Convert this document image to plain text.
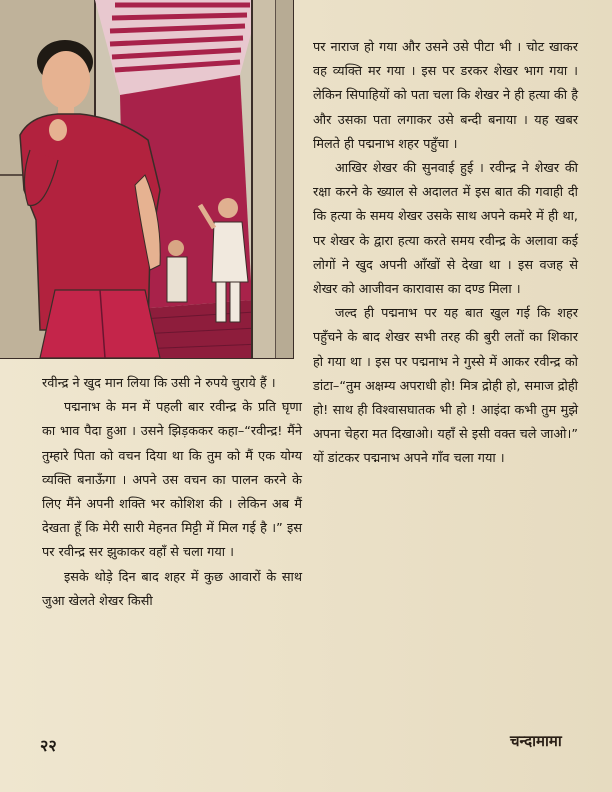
पर नाराज हो गया और उसने उसे पीटा भी । चोट खाकर वह व्यक्ति मर गया । इस पर डरकर शेखर भाग गया । लेकिन सिपाहियों को पता चला कि शेखर ने ही हत्या की है और उसका पता लगाकर उसे बन्दी बनाया । यह खबर मिलते ही पद्मनाभ शहर पहुँचा ।

आखिर शेखर की सुनवाई हुई । रवीन्द्र ने शेखर की रक्षा करने के ख्याल से अदालत में इस बात की गवाही दी कि हत्या के समय शेखर उसके साथ अपने कमरे में ही था, पर शेखर के द्वारा हत्या करते समय रवीन्द्र के अलावा कई लोगों ने खुद अपनी आँखों से देखा था । इस वजह से शेखर को आजीवन कारावास का दण्ड मिला ।

जल्द ही पद्मनाभ पर यह बात खुल गई कि शहर पहुँचने के बाद शेखर सभी तरह की बुरी लतों का शिकार हो गया था । इस पर पद्मनाभ ने गुस्से में आकर रवीन्द्र को डांटा–“तुम अक्षम्य अपराधी हो! मित्र द्रोही हो, समाज द्रोही हो! साथ ही विश्वासघातक भी हो ! आइंदा कभी तुम मुझे अपना चेहरा मत दिखाओ। यहाँ से इसी वक्त चले जाओ।” यों डांटकर पद्मनाभ अपने गाँव चला गया ।

रवीन्द्र ने खुद मान लिया कि उसी ने रुपये चुराये हैं ।

पद्मनाभ के मन में पहली बार रवीन्द्र के प्रति घृणा का भाव पैदा हुआ । उसने झिड़ककर कहा–“रवीन्द्र! मैंने तुम्हारे पिता को वचन दिया था कि तुम को मैं एक योग्य व्यक्ति बनाऊँगा । अपने उस वचन का पालन करने के लिए मैंने अपनी शक्ति भर कोशिश की । लेकिन अब मैं देखता हूँ कि मेरी सारी मेहनत मिट्टी में मिल गई है ।” इस पर रवीन्द्र सर झुकाकर वहाँ से चला गया ।

इसके थोड़े दिन बाद शहर में कुछ आवारों के साथ जुआ खेलते शेखर किसी

२२	चन्दामामा
